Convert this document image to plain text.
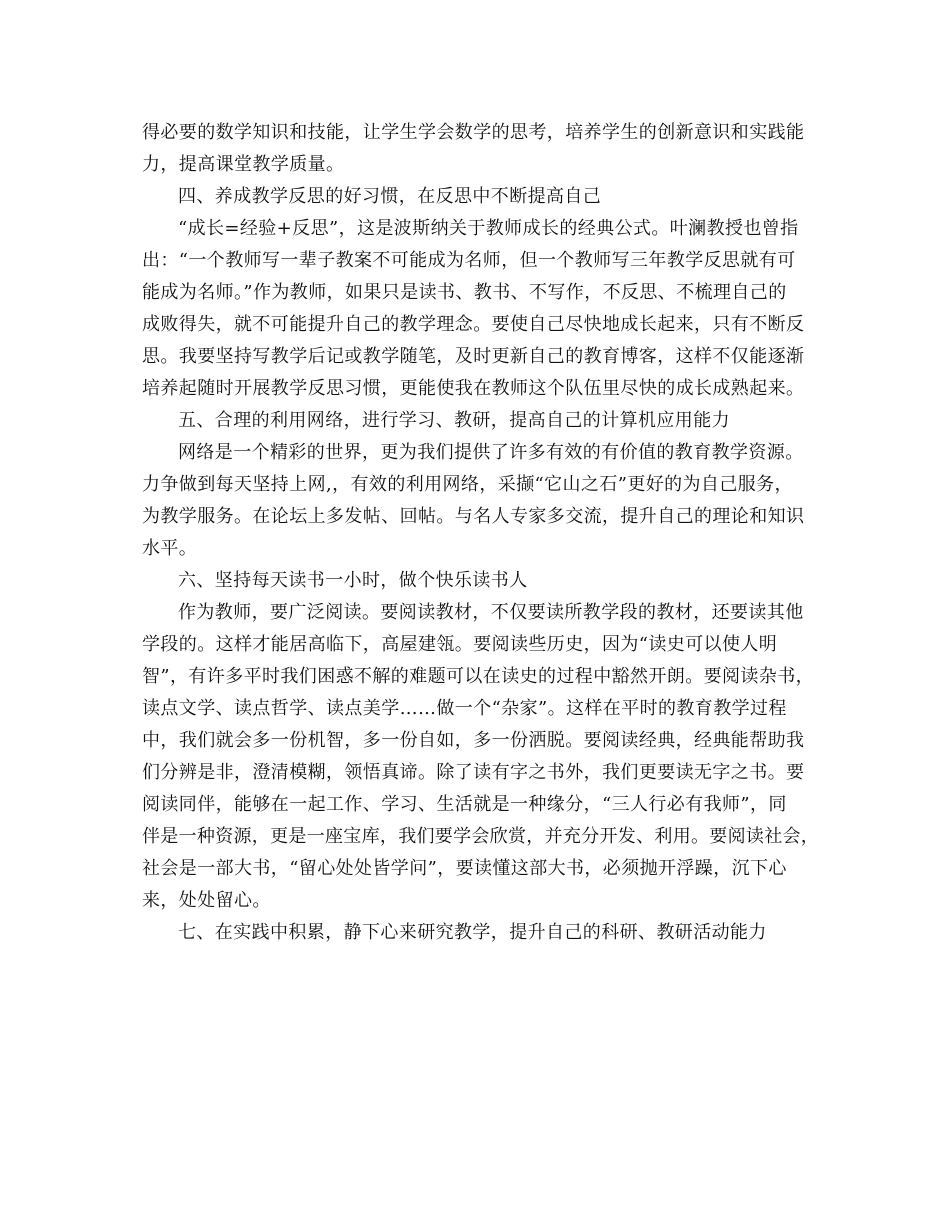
得必要的数学知识和技能，让学生学会数学的思考，培养学生的创新意识和实践能
力，提高课堂教学质量。
四、养成教学反思的好习惯，在反思中不断提高自己
“成长=经验+反思”，这是波斯纳关于教师成长的经典公式。叶澜教授也曾指
出：“一个教师写一辈子教案不可能成为名师，但一个教师写三年教学反思就有可
能成为名师。”作为教师，如果只是读书、教书、不写作，不反思、不梳理自己的
成败得失，就不可能提升自己的教学理念。要使自己尽快地成长起来，只有不断反
思。我要坚持写教学后记或教学随笔，及时更新自己的教育博客，这样不仅能逐渐
培养起随时开展教学反思习惯，更能使我在教师这个队伍里尽快的成长成熟起来。
五、合理的利用网络，进行学习、教研，提高自己的计算机应用能力
网络是一个精彩的世界，更为我们提供了许多有效的有价值的教育教学资源。
力争做到每天坚持上网,，有效的利用网络，采撷“它山之石”更好的为自己服务，
为教学服务。在论坛上多发帖、回帖。与名人专家多交流，提升自己的理论和知识
水平。
六、坚持每天读书一小时，做个快乐读书人
作为教师，要广泛阅读。要阅读教材，不仅要读所教学段的教材，还要读其他
学段的。这样才能居高临下，高屋建瓴。要阅读些历史，因为“读史可以使人明
智”，有许多平时我们困惑不解的难题可以在读史的过程中豁然开朗。要阅读杂书，
读点文学、读点哲学、读点美学……做一个“杂家”。这样在平时的教育教学过程
中，我们就会多一份机智，多一份自如，多一份洒脱。要阅读经典，经典能帮助我
们分辨是非，澄清模糊，领悟真谛。除了读有字之书外，我们更要读无字之书。要
阅读同伴，能够在一起工作、学习、生活就是一种缘分，“三人行必有我师”，同
伴是一种资源，更是一座宝库，我们要学会欣赏，并充分开发、利用。要阅读社会，
社会是一部大书，“留心处处皆学问”，要读懂这部大书，必须抛开浮躁，沉下心
来，处处留心。
七、在实践中积累，静下心来研究教学，提升自己的科研、教研活动能力
